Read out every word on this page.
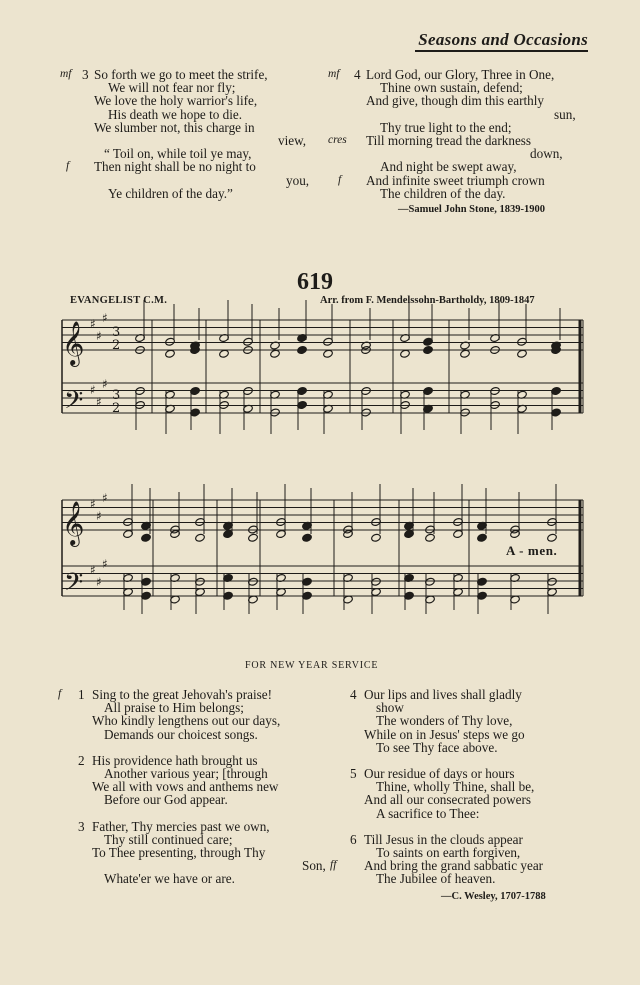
Seasons and Occasions
mf 3 So forth we go to meet the strife,
We will not fear nor fly;
We love the holy warrior's life,
His death we hope to die.
We slumber not, this charge in
view,
“ Toil on, while toil ye may,
f Then night shall be no night to
you,
Ye children of the day.”
mf 4 Lord God, our Glory, Three in One,
Thine own sustain, defend;
And give, though dim this earthly
sun,
Thy true light to the end;
cres Till morning tread the darkness
down,
And night be swept away,
f And infinite sweet triumph crown
The children of the day.
—Samuel John Stone, 1839-1900
619
EVANGELIST C.M.	Arr. from F. Mendelssohn-Bartholdy, 1809-1847
𝄞
𝄢
𝄞
𝄢
♯
♯
♯
♯
♯
♯
♯
♯
♯
♯
♯
♯
3
2
3
2
A - men.
FOR NEW YEAR SERVICE
f 1 Sing to the great Jehovah's praise!
All praise to Him belongs;
Who kindly lengthens out our days,
Demands our choicest songs.
2 His providence hath brought us
Another various year; [through
We all with vows and anthems new
Before our God appear.
3 Father, Thy mercies past we own,
Thy still continued care;
To Thee presenting, through Thy
Son,
Whate'er we have or are.
4 Our lips and lives shall gladly
show
The wonders of Thy love,
While on in Jesus' steps we go
To see Thy face above.
5 Our residue of days or hours
Thine, wholly Thine, shall be,
And all our consecrated powers
A sacrifice to Thee:
6 Till Jesus in the clouds appear
To saints on earth forgiven,
And bring the grand sabbatic year
ff
The Jubilee of heaven.
—C. Wesley, 1707-1788
